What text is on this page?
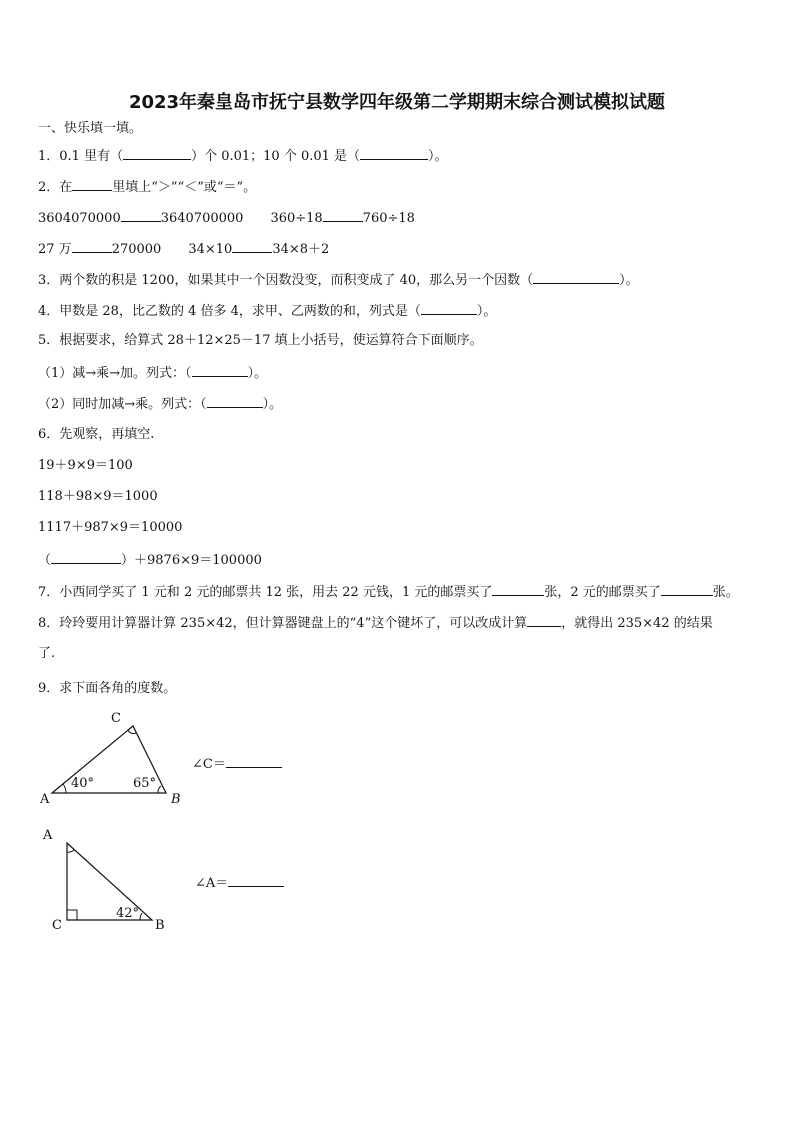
2023年秦皇岛市抚宁县数学四年级第二学期期末综合测试模拟试题
一、快乐填一填。
1．0.1 里有（	）个 0.01；10 个 0.01 是（	）。
2．在	里填上“＞”“＜”或“＝”。
3604070000	3640700000 360÷18	760÷18
27 万	270000 34×10	34×8＋2
3．两个数的积是 1200，如果其中一个因数没变，而积变成了 40，那么另一个因数（	）。
4．甲数是 28，比乙数的 4 倍多 4，求甲、乙两数的和，列式是（	）。
5．根据要求，给算式 28＋12×25－17 填上小括号，使运算符合下面顺序。
（1）减→乘→加。列式：（	）。
（2）同时加减→乘。列式：（	）。
6．先观察，再填空.
19＋9×9＝100
118＋98×9＝1000
1117＋987×9＝10000
（	）＋9876×9＝100000
7．小西同学买了 1 元和 2 元的邮票共 12 张，用去 22 元钱，1 元的邮票买了	张，2 元的邮票买了	张。
8．玲玲要用计算器计算 235×42，但计算器键盘上的“4”这个键坏了，可以改成计算	，就得出 235×42 的结果
了.
9．求下面各角的度数。
C
A	B
40°	65°
∠C＝
A
C	B
42°
∠A＝
